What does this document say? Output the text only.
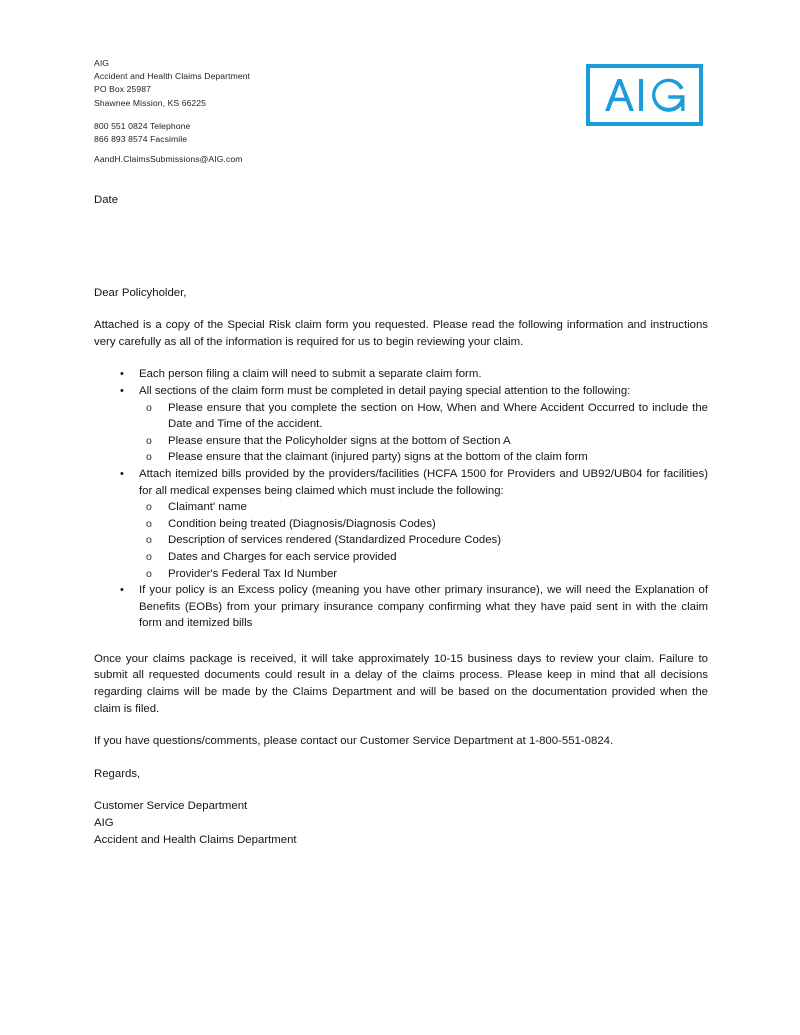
AIG
Accident and Health Claims Department
PO Box 25987
Shawnee Mission, KS 66225
800 551 0824 Telephone
866 893 8574 Facsimile
AandH.ClaimsSubmissions@AIG.com

Date

Dear Policyholder,

Attached is a copy of the Special Risk claim form you requested. Please read the following information and instructions very carefully as all of the information is required for us to begin reviewing your claim.

• Each person filing a claim will need to submit a separate claim form.
• All sections of the claim form must be completed in detail paying special attention to the following:
o Please ensure that you complete the section on How, When and Where Accident Occurred to include the Date and Time of the accident.
o Please ensure that the Policyholder signs at the bottom of Section A
o Please ensure that the claimant (injured party) signs at the bottom of the claim form
• Attach itemized bills provided by the providers/facilities (HCFA 1500 for Providers and UB92/UB04 for facilities) for all medical expenses being claimed which must include the following:
o Claimant' name
o Condition being treated (Diagnosis/Diagnosis Codes)
o Description of services rendered (Standardized Procedure Codes)
o Dates and Charges for each service provided
o Provider's Federal Tax Id Number
• If your policy is an Excess policy (meaning you have other primary insurance), we will need the Explanation of Benefits (EOBs) from your primary insurance company confirming what they have paid sent in with the claim form and itemized bills

Once your claims package is received, it will take approximately 10-15 business days to review your claim. Failure to submit all requested documents could result in a delay of the claims process. Please keep in mind that all decisions regarding claims will be made by the Claims Department and will be based on the documentation provided when the claim is filed.

If you have questions/comments, please contact our Customer Service Department at 1-800-551-0824.

Regards,

Customer Service Department
AIG
Accident and Health Claims Department
